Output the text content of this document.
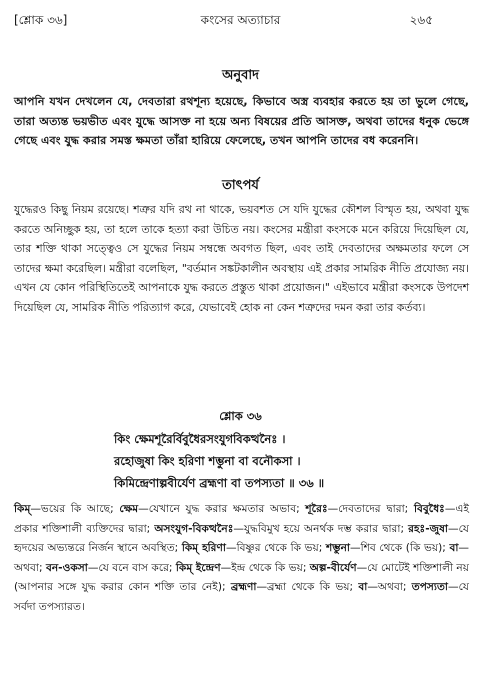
কংসের অত্যাচার
[শ্লোক ৩৬]	২৬৫
অনুবাদ

আপনি যখন দেখলেন যে, দেবতারা রথশূন্য হয়েছে, কিভাবে অস্ত্র ব্যবহার করতে হয় তা ভুলে গেছে, তারা অত্যন্ত ভয়ভীত এবং যুদ্ধে আসক্ত না হয়ে অন্য বিষয়ের প্রতি আসক্ত, অথবা তাদের ধনুক ভেঙ্গে গেছে এবং যুদ্ধ করার সমস্ত ক্ষমতা তাঁরা হারিয়ে ফেলেছে, তখন আপনি তাদের বধ করেননি।

তাৎপর্য

যুদ্ধেরও কিছু নিয়ম রয়েছে। শত্রুর যদি রথ না থাকে, ভয়বশত সে যদি যুদ্ধের কৌশল বিস্মৃত হয়, অথবা যুদ্ধ করতে অনিচ্ছুক হয়, তা হলে তাকে হত্যা করা উচিত নয়। কংসের মন্ত্রীরা কংসকে মনে করিয়ে দিয়েছিল যে, তার শক্তি থাকা সত্ত্বেও সে যুদ্ধের নিয়ম সম্বন্ধে অবগত ছিল, এবং তাই দেবতাদের অক্ষমতার ফলে সে তাদের ক্ষমা করেছিল। মন্ত্রীরা বলেছিল, "বর্তমান সঙ্কটকালীন অবস্থায় এই প্রকার সামরিক নীতি প্রযোজ্য নয়। এখন যে কোন পরিস্থিতিতেই আপনাকে যুদ্ধ করতে প্রস্তুত থাকা প্রয়োজন।" এইভাবে মন্ত্রীরা কংসকে উপদেশ দিয়েছিল যে, সামরিক নীতি পরিত্যাগ করে, যেভাবেই হোক না কেন শত্রুদের দমন করা তার কর্তব্য।

শ্লোক ৩৬
কিং ক্ষেমশূরৈর্বিবুধৈরসংযুগবিকত্থনৈঃ ।
রহোজুষা কিং হরিণা শম্ভুনা বা বনৌকসা ।
কিমিন্দ্রেণাল্পবীর্যেণ ব্রহ্মণা বা তপস্যতা ॥ ৩৬ ॥

কিম্—ভয়ের কি আছে; ক্ষেম—যেখানে যুদ্ধ করার ক্ষমতার অভাব; শূরৈঃ—দেবতাদের দ্বারা; বিবুধৈঃ—এই প্রকার শক্তিশালী ব্যক্তিদের দ্বারা; অসংযুগ-বিকত্থনৈঃ—যুদ্ধবিমুখ হয়ে অনর্থক দম্ভ করার দ্বারা; রহঃ-জুষা—যে হৃদয়ের অভ্যন্তরে নির্জন স্থানে অবস্থিত; কিম্ হরিণা—বিষ্ণুর থেকে কি ভয়; শম্ভুনা—শিব থেকে (কি ভয়); বা—অথবা; বন-ওকসা—যে বনে বাস করে; কিম্ ইন্দ্রেণ—ইন্দ্র থেকে কি ভয়; অল্প-বীর্যেণ—যে মোটেই শক্তিশালী নয় (আপনার সঙ্গে যুদ্ধ করার কোন শক্তি তার নেই); ব্রহ্মণা—ব্রহ্মা থেকে কি ভয়; বা—অথবা; তপস্যতা—যে সর্বদা তপস্যারত।
